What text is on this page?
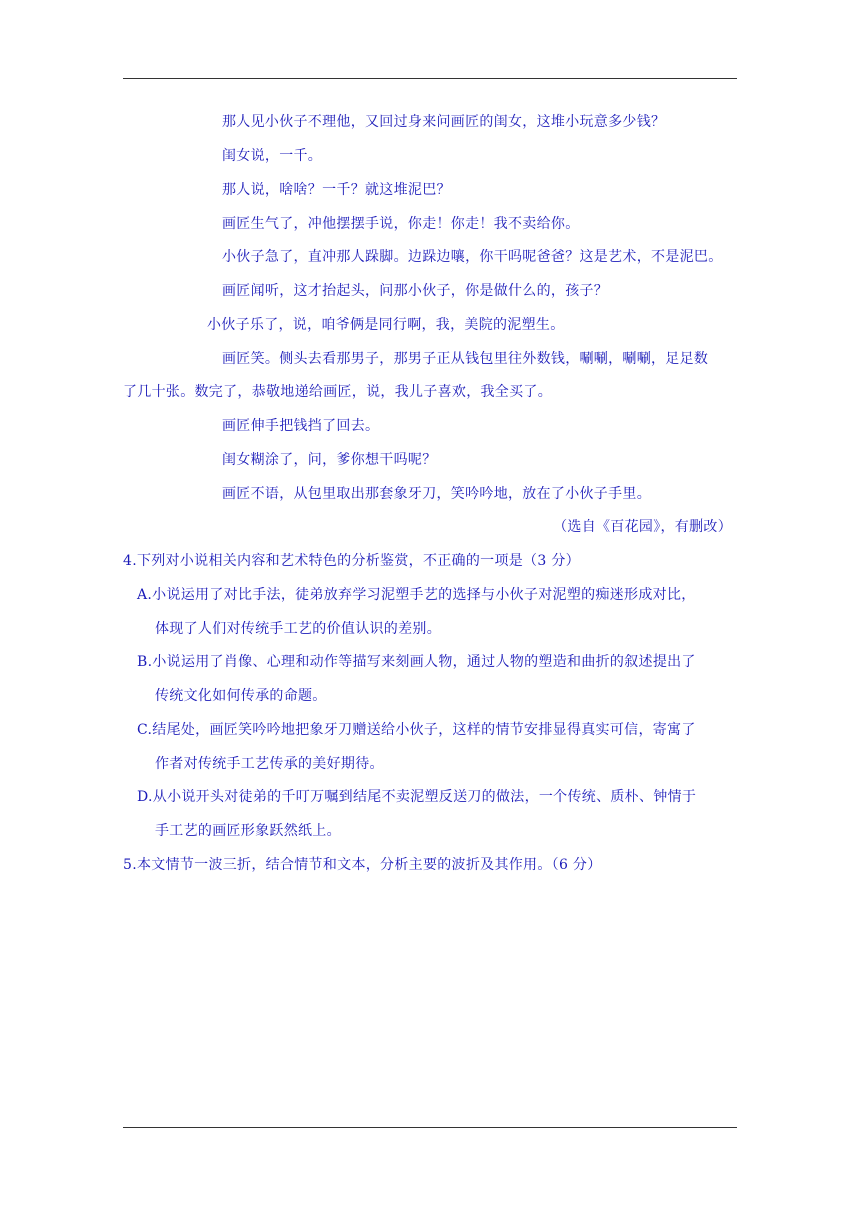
那人见小伙子不理他，又回过身来问画匠的闺女，这堆小玩意多少钱？
闺女说，一千。
那人说，啥啥？一千？就这堆泥巴？
画匠生气了，冲他摆摆手说，你走！你走！我不卖给你。
小伙子急了，直冲那人跺脚。边跺边嚷，你干吗呢爸爸？这是艺术，不是泥巴。
画匠闻听，这才抬起头，问那小伙子，你是做什么的，孩子？
小伙子乐了，说，咱爷俩是同行啊，我，美院的泥塑生。
画匠笑。侧头去看那男子，那男子正从钱包里往外数钱，唰唰，唰唰，足足数
了几十张。数完了，恭敬地递给画匠，说，我儿子喜欢，我全买了。
画匠伸手把钱挡了回去。
闺女糊涂了，问，爹你想干吗呢？
画匠不语，从包里取出那套象牙刀，笑吟吟地，放在了小伙子手里。
（选自《百花园》，有删改）
4.下列对小说相关内容和艺术特色的分析鉴赏，不正确的一项是（3 分）
A.小说运用了对比手法，徒弟放弃学习泥塑手艺的选择与小伙子对泥塑的痴迷形成对比，
体现了人们对传统手工艺的价值认识的差别。
B.小说运用了肖像、心理和动作等描写来刻画人物，通过人物的塑造和曲折的叙述提出了
传统文化如何传承的命题。
C.结尾处，画匠笑吟吟地把象牙刀赠送给小伙子，这样的情节安排显得真实可信，寄寓了
作者对传统手工艺传承的美好期待。
D.从小说开头对徒弟的千叮万嘱到结尾不卖泥塑反送刀的做法，一个传统、质朴、钟情于
手工艺的画匠形象跃然纸上。
5.本文情节一波三折，结合情节和文本，分析主要的波折及其作用。（6 分）
